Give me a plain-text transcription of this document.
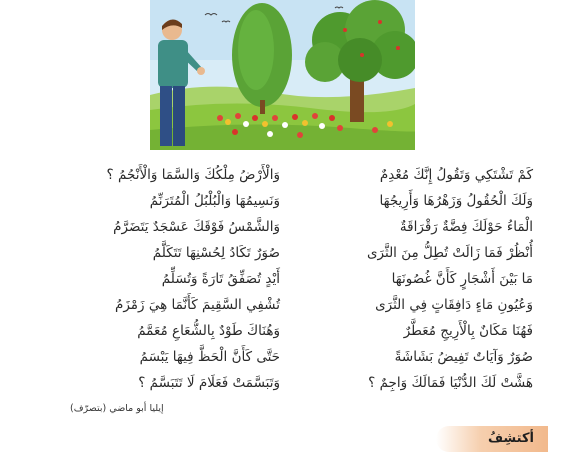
كَمْ تَشْتَكِي وَتَقُولُ إِنَّكَ مُعْدِمٌ
وَالْأَرْضُ مِلْكُكَ وَالسَّمَا وَالْأَنْجُمُ ؟
وَلَكَ الْحُقُولُ وَزَهْرُهَا وَأَرِيجُهَا
وَنَسِيمُهَا وَالْبُلْبُلُ الْمُتَرَنِّمُ
الْمَاءُ حَوْلَكَ فِضَّةٌ رَقْرَاقَةٌ
وَالشَّمْسُ فَوْقَكَ عَسْجَدٌ يَتَضَرَّمُ
أُنْظُرْ فَمَا زَالَتْ تُطِلُّ مِنَ الثَّرَى
صُوَرٌ تَكَادُ لِحُسْنِهَا تَتَكَلَّمُ
مَا بَيْنَ أَشْجَارٍ كَأَنَّ غُصُونَهَا
أَيْدٍ تُصَفِّقُ تَارَةً وَتُسَلِّمُ
وَعُيُونِ مَاءٍ دَافِقَاتٍ فِي الثَّرَى
تُشْفِي السَّقِيمَ كَأَنَّمَا هِيَ زَمْزَمُ
فَهُنَا مَكَانٌ بِالْأَرِيجِ مُعَطَّرٌ
وَهُنَاكَ طَوْدٌ بِالشُّعَاعِ مُعَمَّمُ
صُوَرٌ وَآيَاتٌ تَفِيضُ بَشَاشَةً
حَتَّى كَأَنَّ الْحَظَّ فِيهَا يَبْسَمُ
هَشَّتْ لَكَ الدُّنْيَا فَمَالَكَ وَاجِمٌ ؟
وَتَبَسَّمَتْ فَعَلَامَ لَا تَتَبَسَّمُ ؟
إيليا أبو ماضي (بتصرّف)
أكتشِفُ
